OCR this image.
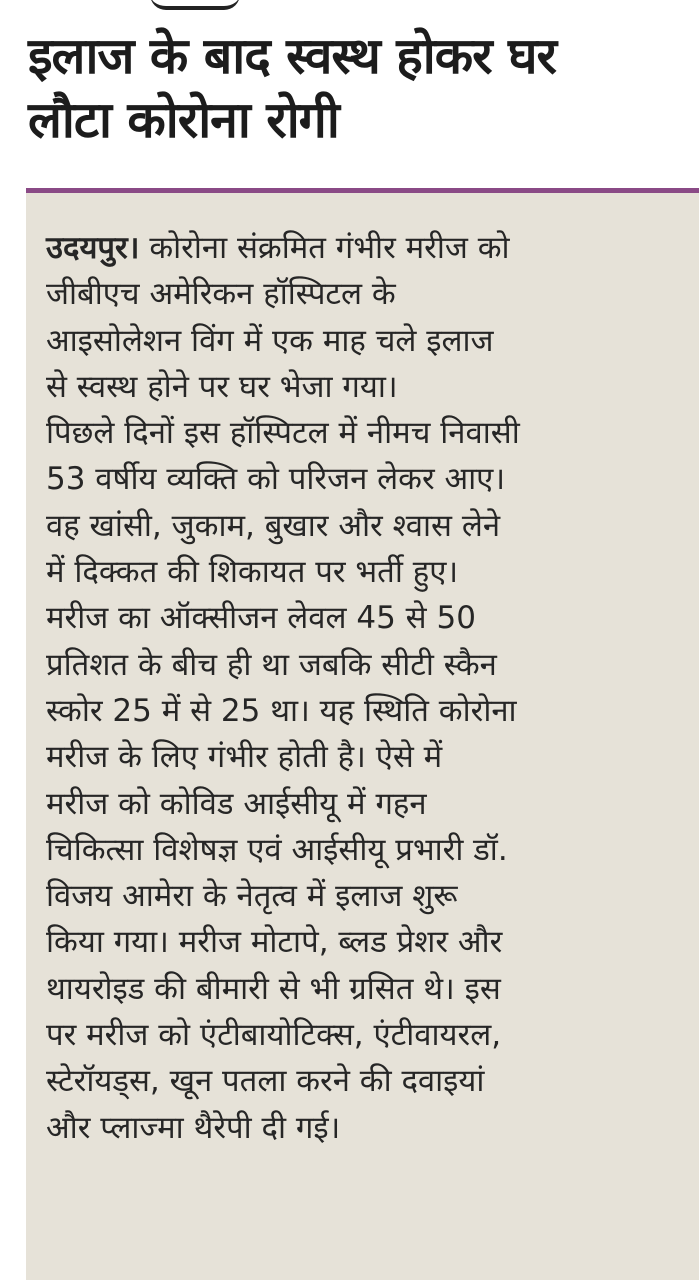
इलाज के बाद स्वस्थ होकर घर
लौटा कोरोना रोगी
उदयपुर। कोरोना संक्रमित गंभीर मरीज को
जीबीएच अमेरिकन हॉस्पिटल के
आइसोलेशन विंग में एक माह चले इलाज
से स्वस्थ होने पर घर भेजा गया।
पिछले दिनों इस हॉस्पिटल में नीमच निवासी
53 वर्षीय व्यक्ति को परिजन लेकर आए।
वह खांसी, जुकाम, बुखार और श्वास लेने
में दिक्कत की शिकायत पर भर्ती हुए।
मरीज का ऑक्सीजन लेवल 45 से 50
प्रतिशत के बीच ही था जबकि सीटी स्कैन
स्कोर 25 में से 25 था। यह स्थिति कोरोना
मरीज के लिए गंभीर होती है। ऐसे में
मरीज को कोविड आईसीयू में गहन
चिकित्सा विशेषज्ञ एवं आईसीयू प्रभारी डॉ.
विजय आमेरा के नेतृत्व में इलाज शुरू
किया गया। मरीज मोटापे, ब्लड प्रेशर और
थायरोइड की बीमारी से भी ग्रसित थे। इस
पर मरीज को एंटीबायोटिक्स, एंटीवायरल,
स्टेरॉयड्स, खून पतला करने की दवाइयां
और प्लाज्मा थैरेपी दी गई।
